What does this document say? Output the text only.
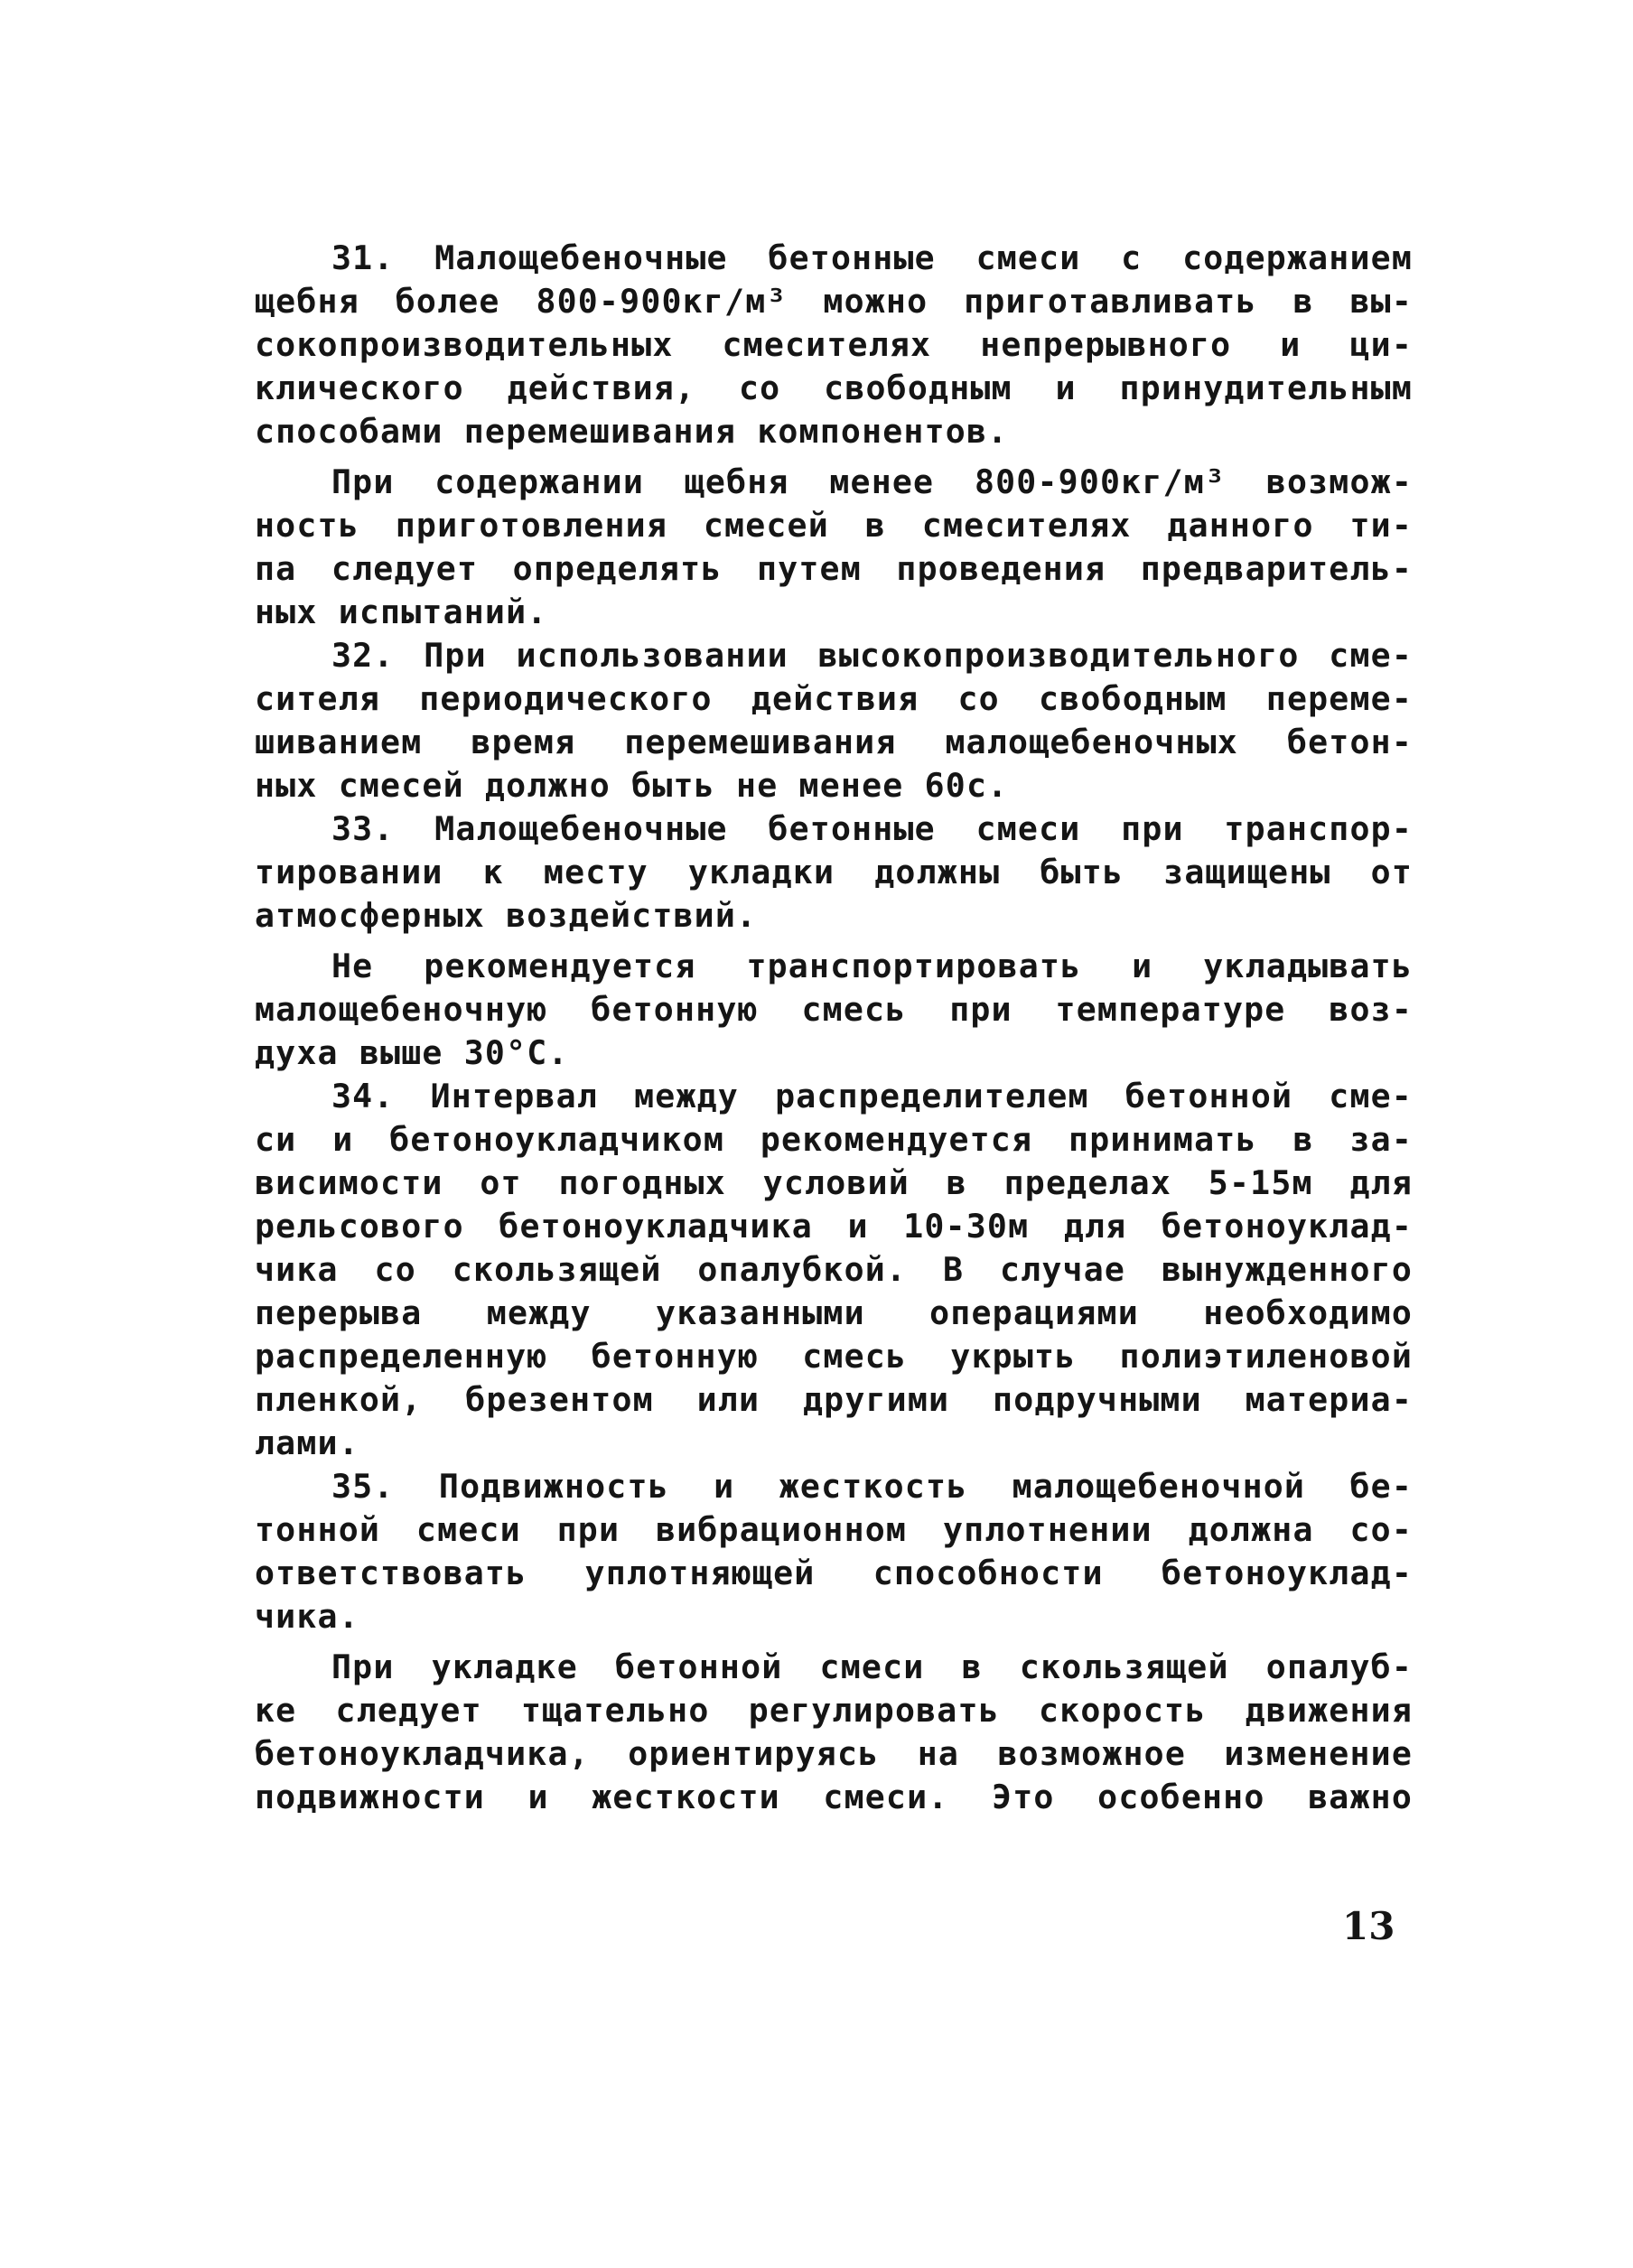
31. Малощебеночные бетонные смеси с содержанием
щебня более 800-900кг/м³ можно приготавливать в вы-
сокопроизводительных смесителях непрерывного и ци-
клического действия, со свободным и принудительным
способами перемешивания компонентов.
При содержании щебня менее 800-900кг/м³ возмож-
ность приготовления смесей в смесителях данного ти-
па следует определять путем проведения предваритель-
ных испытаний.
32. При использовании высокопроизводительного сме-
сителя периодического действия со свободным переме-
шиванием время перемешивания малощебеночных бетон-
ных смесей должно быть не менее 60с.
33. Малощебеночные бетонные смеси при транспор-
тировании к месту укладки должны быть защищены от
атмосферных воздействий.
Не рекомендуется транспортировать и укладывать
малощебеночную бетонную смесь при температуре воз-
духа выше 30°С.
34. Интервал между распределителем бетонной сме-
си и бетоноукладчиком рекомендуется принимать в за-
висимости от погодных условий в пределах 5-15м для
рельсового бетоноукладчика и 10-30м для бетоноуклад-
чика со скользящей опалубкой. В случае вынужденного
перерыва между указанными операциями необходимо
распределенную бетонную смесь укрыть полиэтиленовой
пленкой, брезентом или другими подручными материа-
лами.
35. Подвижность и жесткость малощебеночной бе-
тонной смеси при вибрационном уплотнении должна со-
ответствовать уплотняющей способности бетоноуклад-
чика.
При укладке бетонной смеси в скользящей опалуб-
ке следует тщательно регулировать скорость движения
бетоноукладчика, ориентируясь на возможное изменение
подвижности и жесткости смеси. Это особенно важно
13
